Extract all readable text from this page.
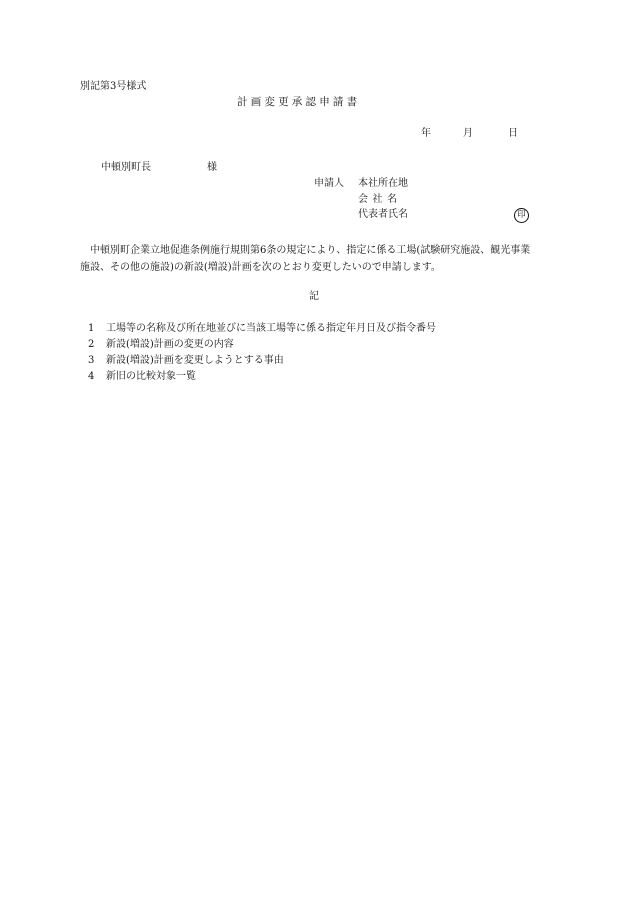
別記第3号様式
計画変更承認申請書
年	月	日
中頓別町長	様
申請人 本社所在地
会社名
代表者氏名	印
中頓別町企業立地促進条例施行規則第6条の規定により、指定に係る工場(試験研究施設、観光事業施設、その他の施設)の新設(増設)計画を次のとおり変更したいので申請します。
記
1 工場等の名称及び所在地並びに当該工場等に係る指定年月日及び指令番号
2 新設(増設)計画の変更の内容
3 新設(増設)計画を変更しようとする事由
4 新旧の比較対象一覧
